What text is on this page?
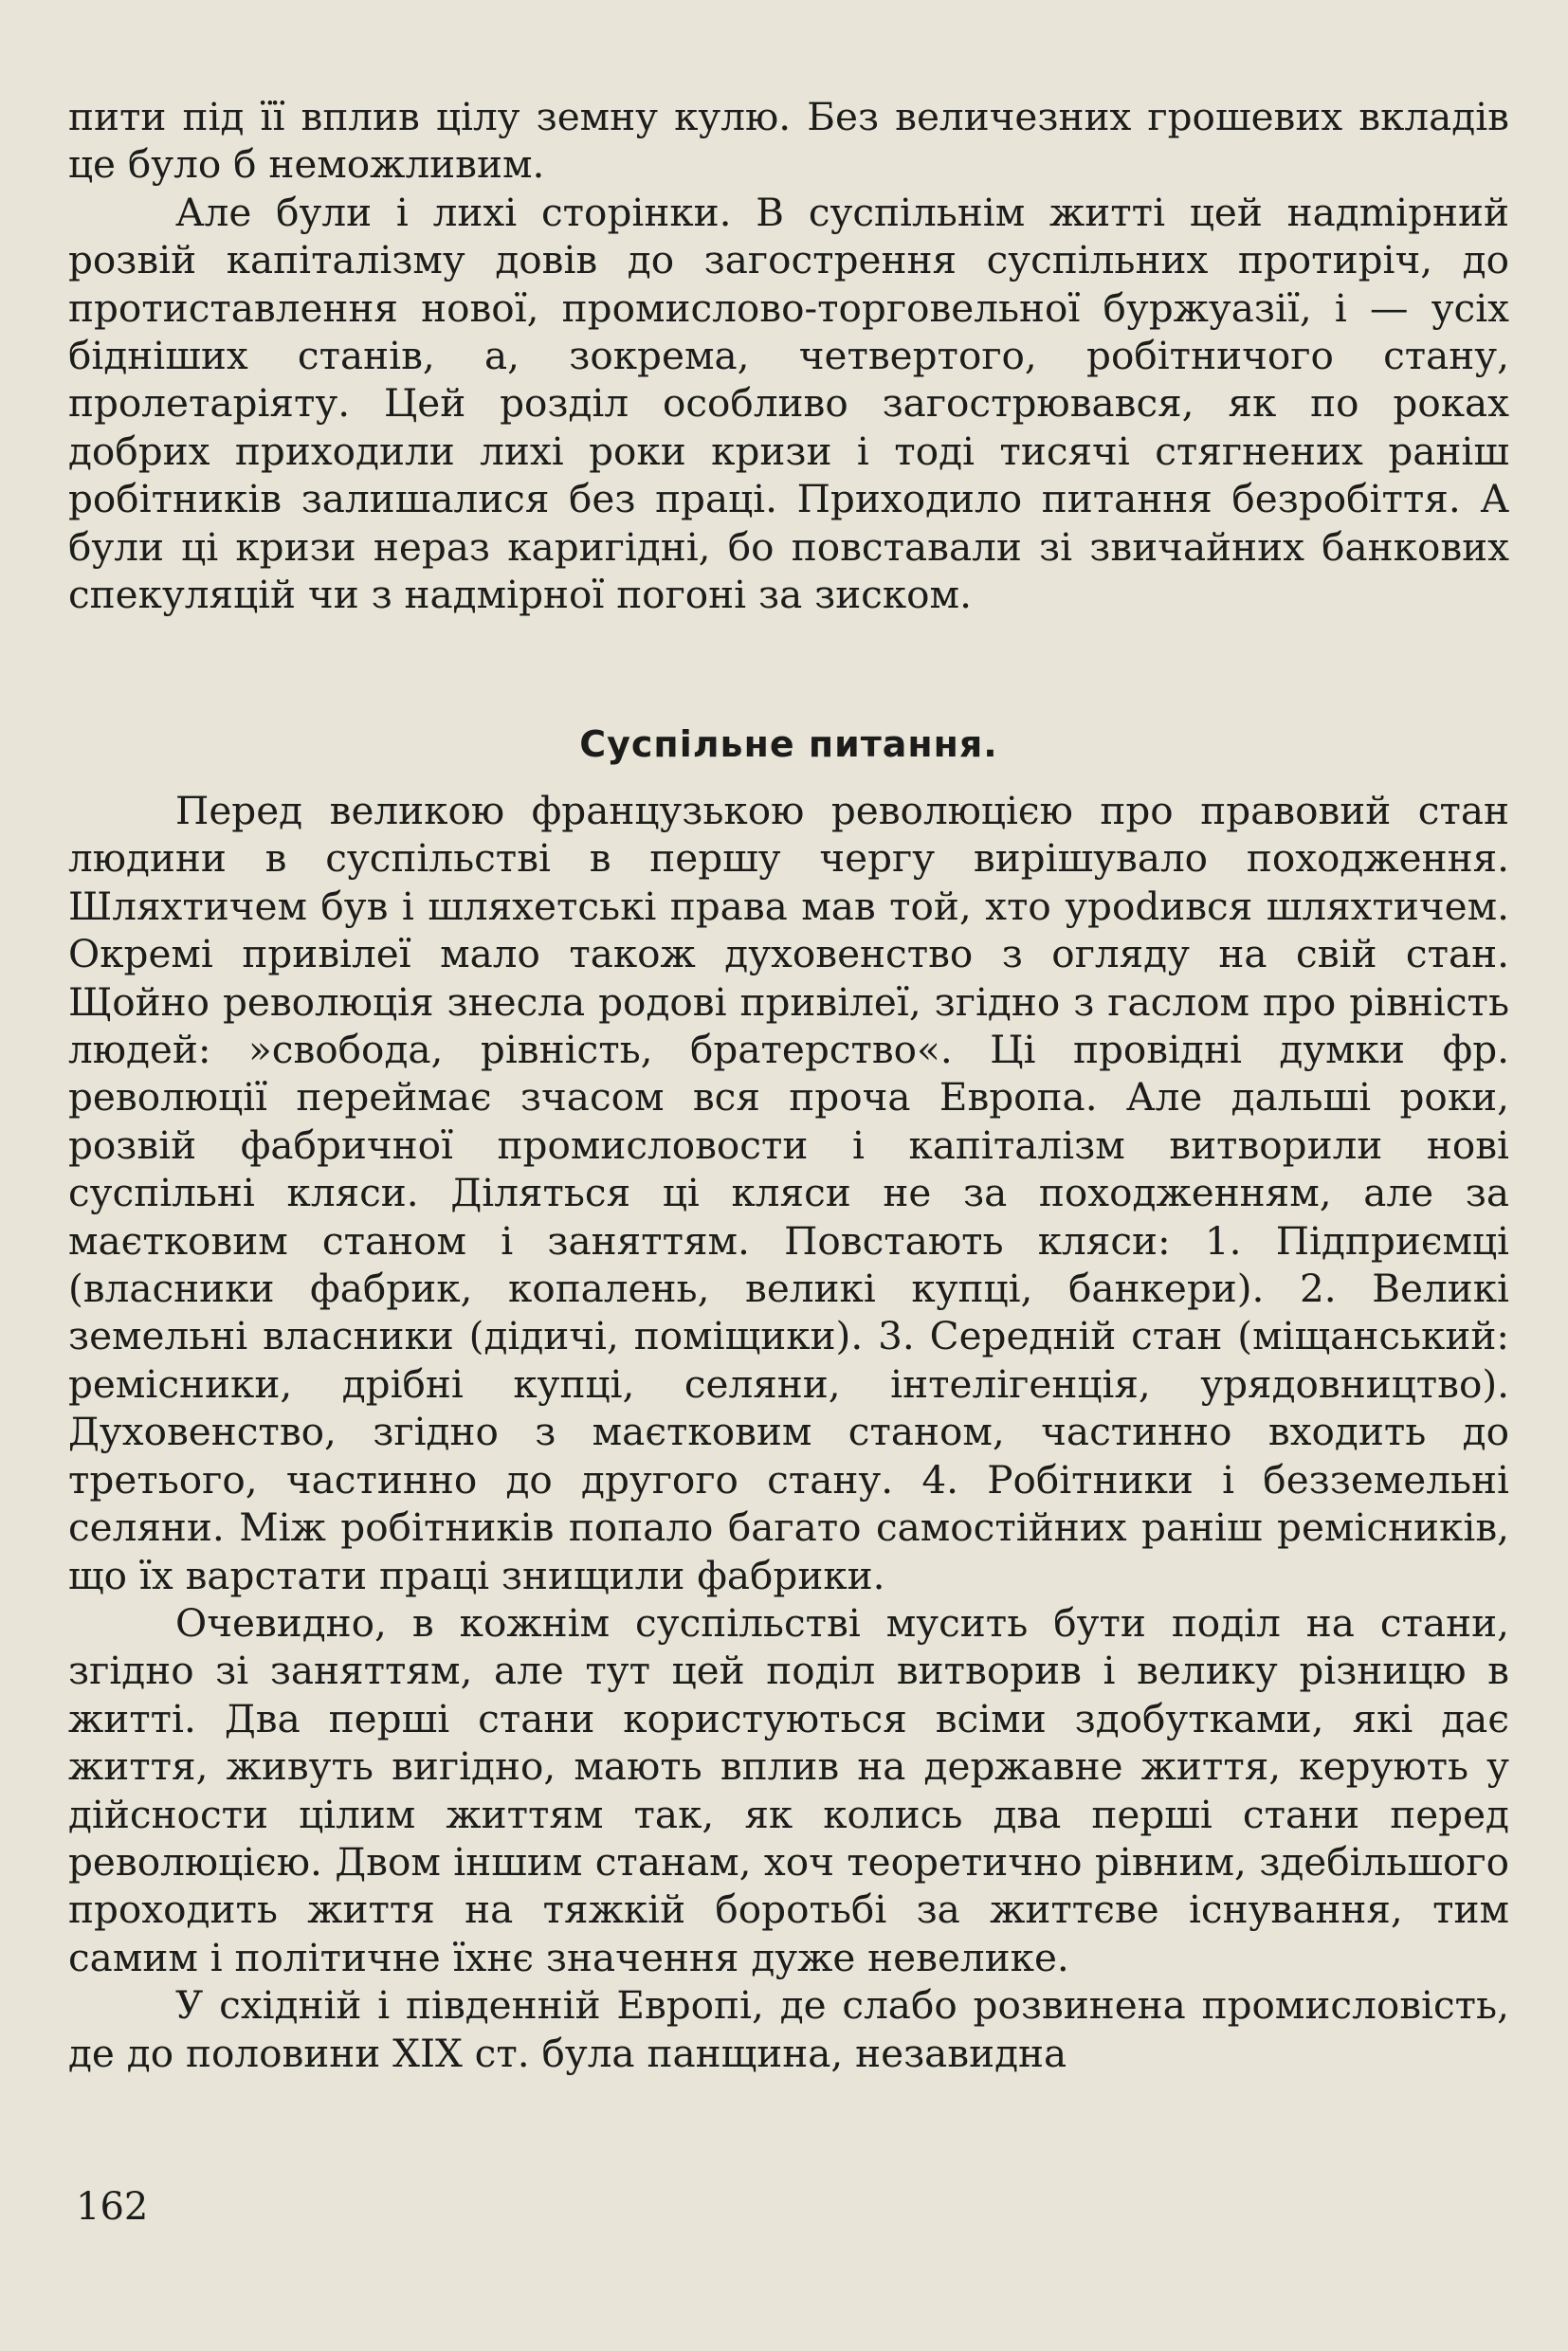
пити під її вплив цілу земну кулю. Без величезних грошевих вкладів це було б неможливим.

Але були і лихі сторінки. В суспільнім житті цей надmірний розвій капіталізму довів до загострення суспільних протиріч, до протиставлення нової, промислово-торговельної буржуазії, і — усіх бідніших станів, а, зокрема, четвертого, робітничого стану, пролетаріяту. Цей розділ особливо загострювався, як по роках добрих приходили лихі роки кризи і тоді тисячі стягнених раніш робітників залишалися без праці. Приходило питання безробіття. А були ці кризи нераз каригідні, бо повставали зі звичайних банкових спекуляцій чи з надмірної погоні за зиском.

Суспільне питання.

Перед великою французькою революцією про правовий стан людини в суспільстві в першу чергу вирішувало походження. Шляхтичем був і шляхетські права мав той, хто уроdився шляхтичем. Окремі привілеї мало також духовенство з огляду на свій стан. Щойно революція знесла родові привілеї, згідно з гаслом про рівність людей: »свобода, рівність, братерство«. Ці провідні думки фр. революції переймає зчасом вся проча Европа. Але дальші роки, розвій фабричної промисловости і капіталізм витворили нові суспільні кляси. Діляться ці кляси не за походженням, але за маєтковим станом і заняттям. Повстають кляси: 1. Підприємці (власники фабрик, копалень, великі купці, банкери). 2. Великі земельні власники (дідичі, поміщики). 3. Середній стан (міщанський: ремісники, дрібні купці, селяни, інтелігенція, урядовництво). Духовенство, згідно з маєтковим станом, частинно входить до третього, частинно до другого стану. 4. Робітники і безземельні селяни. Між робітників попало багато самостійних раніш ремісників, що їх варстати праці знищили фабрики.

Очевидно, в кожнім суспільстві мусить бути поділ на стани, згідно зі заняттям, але тут цей поділ витворив і велику різницю в житті. Два перші стани користуються всіми здобутками, які дає життя, живуть вигідно, мають вплив на державне життя, керують у дійсности цілим життям так, як колись два перші стани перед революцією. Двом іншим станам, хоч теоретично рівним, здебільшого проходить життя на тяжкій боротьбі за життєве існування, тим самим і політичне їхнє значення дуже невелике.

У східній і південній Европі, де слабо розвинена промисловість, де до половини XIX ст. була панщина, незавидна

162
